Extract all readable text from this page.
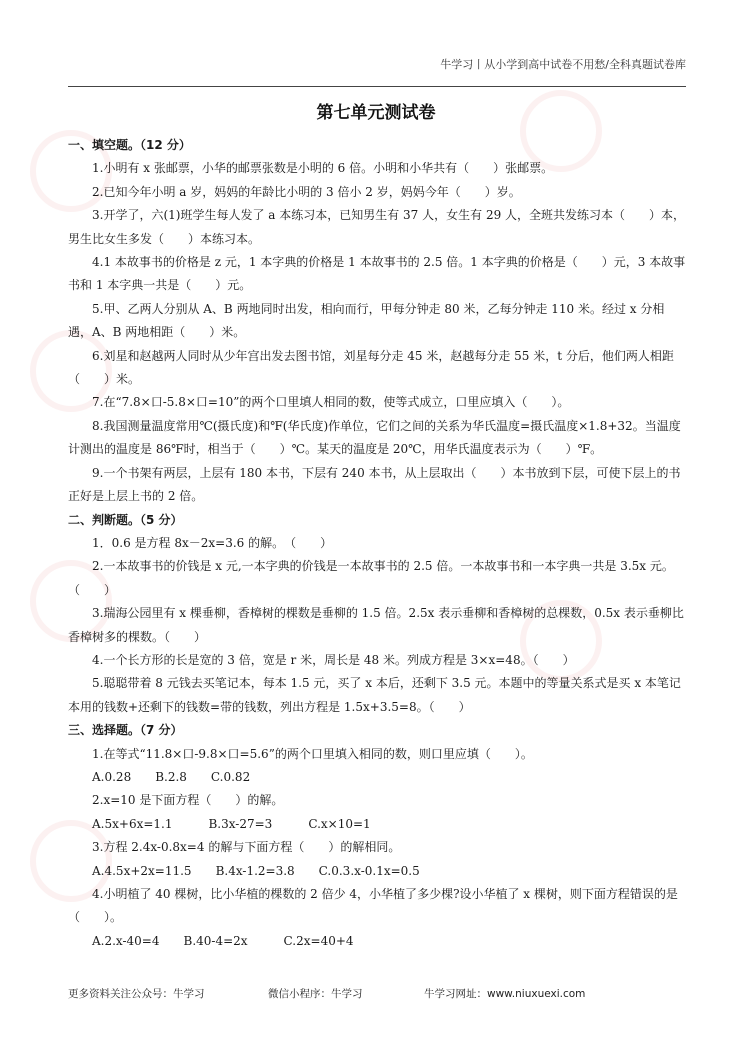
牛学习丨从小学到高中试卷不用愁/全科真题试卷库
第七单元测试卷
一、填空题。（12 分）
1.小明有 x 张邮票，小华的邮票张数是小明的 6 倍。小明和小华共有（　　）张邮票。
2.已知今年小明 a 岁，妈妈的年龄比小明的 3 倍小 2 岁，妈妈今年（　　）岁。
3.开学了，六(1)班学生每人发了 a 本练习本，已知男生有 37 人，女生有 29 人，全班共发练习本（　　）本，男生比女生多发（　　）本练习本。
4.1 本故事书的价格是 z 元，1 本字典的价格是 1 本故事书的 2.5 倍。1 本字典的价格是（　　）元，3 本故事书和 1 本字典一共是（　　）元。
5.甲、乙两人分别从 A、B 两地同时出发，相向而行，甲每分钟走 80 米，乙每分钟走 110 米。经过 x 分相遇，A、B 两地相距（　　）米。
6.刘星和赵越两人同时从少年宫出发去图书馆，刘星每分走 45 米，赵越每分走 55 米，t 分后，他们两人相距（　　）米。
7.在“7.8×口-5.8×口=10”的两个口里填人相同的数，使等式成立，口里应填入（　　）。
8.我国测量温度常用℃(摄氏度)和℉(华氏度)作单位，它们之间的关系为华氏温度=摄氏温度×1.8+32。当温度计测出的温度是 86℉时，相当于（　　）℃。某天的温度是 20℃，用华氏温度表示为（　　）℉。
9.一个书架有两层，上层有 180 本书，下层有 240 本书，从上层取出（　　）本书放到下层，可使下层上的书正好是上层上书的 2 倍。
二、判断题。（5 分）
1．0.6 是方程 8x－2x=3.6 的解。　（　　）
2.一本故事书的价钱是 x 元,一本字典的价钱是一本故事书的 2.5 倍。一本故事书和一本字典一共是 3.5x 元。（　　）
3.瑞海公园里有 x 棵垂柳，香樟树的棵数是垂柳的 1.5 倍。2.5x 表示垂柳和香樟树的总棵数，0.5x 表示垂柳比香樟树多的棵数。（　　）
4.一个长方形的长是宽的 3 倍，宽是 r 米，周长是 48 米。列成方程是 3×x=48。（　　）
5.聪聪带着 8 元钱去买笔记本，每本 1.5 元，买了 x 本后，还剩下 3.5 元。本题中的等量关系式是买 x 本笔记本用的钱数+还剩下的钱数=带的钱数，列出方程是 1.5x+3.5=8。（　　）
三、选择题。（7 分）
1.在等式“11.8×口-9.8×口=5.6”的两个口里填入相同的数，则口里应填（　　）。
A.0.28　　B.2.8　　C.0.82
2.x=10 是下面方程（　　）的解。
A.5x+6x=1.1　　　B.3x-27=3　　　C.x×10=1
3.方程 2.4x-0.8x=4 的解与下面方程（　　）的解相同。
A.4.5x+2x=11.5　　B.4x-1.2=3.8　　C.0.3.x-0.1x=0.5
4.小明植了 40 棵树，比小华植的棵数的 2 倍少 4，小华植了多少棵?设小华植了 x 棵树，则下面方程错误的是（　　）。
A.2.x-40=4　　B.40-4=2x　　　C.2x=40+4
更多资料关注公众号：牛学习	微信小程序：牛学习	牛学习网址：www.niuxuexi.com
